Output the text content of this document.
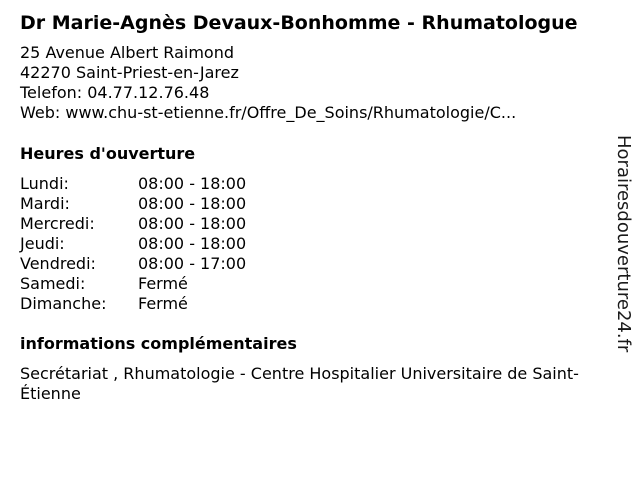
Dr Marie-Agnès Devaux-Bonhomme - Rhumatologue
25 Avenue Albert Raimond
42270 Saint-Priest-en-Jarez
Telefon: 04.77.12.76.48
Web: www.chu-st-etienne.fr/Offre_De_Soins/Rhumatologie/C...
Heures d'ouverture
Lundi:	08:00 - 18:00
Mardi:	08:00 - 18:00
Mercredi:	08:00 - 18:00
Jeudi:	08:00 - 18:00
Vendredi:	08:00 - 17:00
Samedi:	Fermé
Dimanche:	Fermé
informations complémentaires
Secrétariat , Rhumatologie - Centre Hospitalier Universitaire de Saint-Étienne
Horairesdouverture24.fr
